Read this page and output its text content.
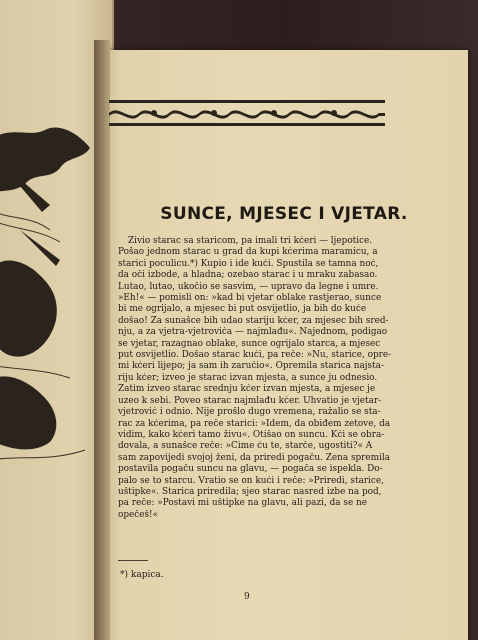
SUNCE, MJESEC I VJETAR.
Živio starac sa staricom, pa imali tri kćeri — ljepotice.
Pošao jednom starac u grad da kupi kćerima maramicu, a
starici poculicu.*) Kupio i ide kući. Spustila se tamna noć,
da oči izbode, a hladna; ozebao starac i u mraku zabasao.
Lutao, lutao, ukočio se sasvim, — upravo da legne i umre.
»Eh!« — pomisli on: »kad bi vjetar oblake rastjerao, sunce
bi me ogrijalo, a mjesec bi put osvijetlio, ja bih do kuće
došao! Za sunašce bih udao stariju kćer, za mjesec bih sred-
nju, a za vjetra-vjetrovića — najmlađu«. Najednom, podigao
se vjetar, razagnao oblake, sunce ogrijalo starca, a mjesec
put osvijetlio. Došao starac kući, pa reče: »Nu, starice, opre-
mi kćeri lijepo; ja sam ih zaručio«. Opremila starica najsta-
riju kćer; izveo je starac izvan mjesta, a sunce ju odnesio.
Zatim izveo starac srednju kćer izvan mjesta, a mjesec je
uzeo k sebi. Poveo starac najmlađu kćer. Uhvatio je vjetar-
vjetrović i odnio. Nije prošlo dugo vremena, ražalio se sta-
rac za kćerima, pa reče starici: »Idem, da obiđem zetove, da
vidim, kako kćeri tamo živu«. Otišao on suncu. Kći se obra-
dovala, a sunašce reče: »Čime ću te, starče, ugostiti?« A
sam zapovijedi svojoj ženi, da priredi pogaču. Žena spremila
postavila pogaču suncu na glavu, — pogača se ispekla. Do-
palo se to starcu. Vratio se on kući i reče: »Priredi, starice,
uštipke«. Starica priredila; sjeo starac nasred izbe na pod,
pa reče: »Postavi mi uštipke na glavu, ali pazi, da se ne
opečeš!«
*) kapica.
9
